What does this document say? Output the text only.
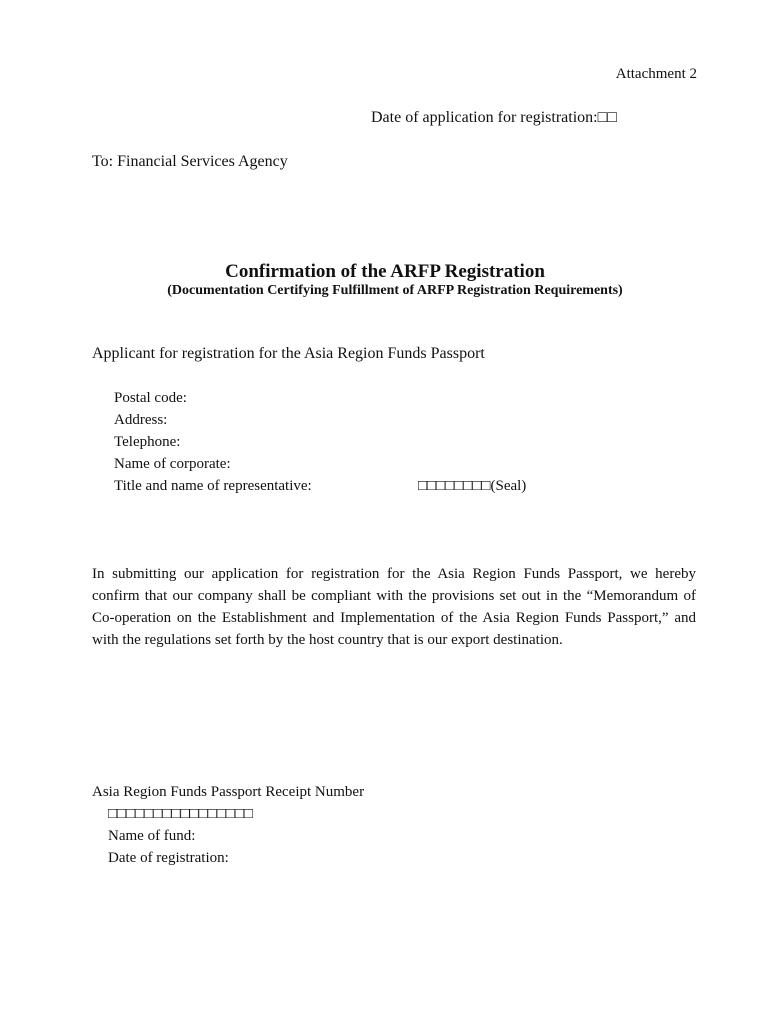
Attachment 2
Date of application for registration:□□
To: Financial Services Agency
Confirmation of the ARFP Registration
(Documentation Certifying Fulfillment of ARFP Registration Requirements)
Applicant for registration for the Asia Region Funds Passport
Postal code:
Address:
Telephone:
Name of corporate:
Title and name of representative:	□□□□□□□□(Seal)

In submitting our application for registration for the Asia Region Funds Passport, we hereby confirm that our company shall be compliant with the provisions set out in the “Memorandum of Co-operation on the Establishment and Implementation of the Asia Region Funds Passport,” and with the regulations set forth by the host country that is our export destination.

Asia Region Funds Passport Receipt Number
□□□□□□□□□□□□□□□□
Name of fund:
Date of registration:
